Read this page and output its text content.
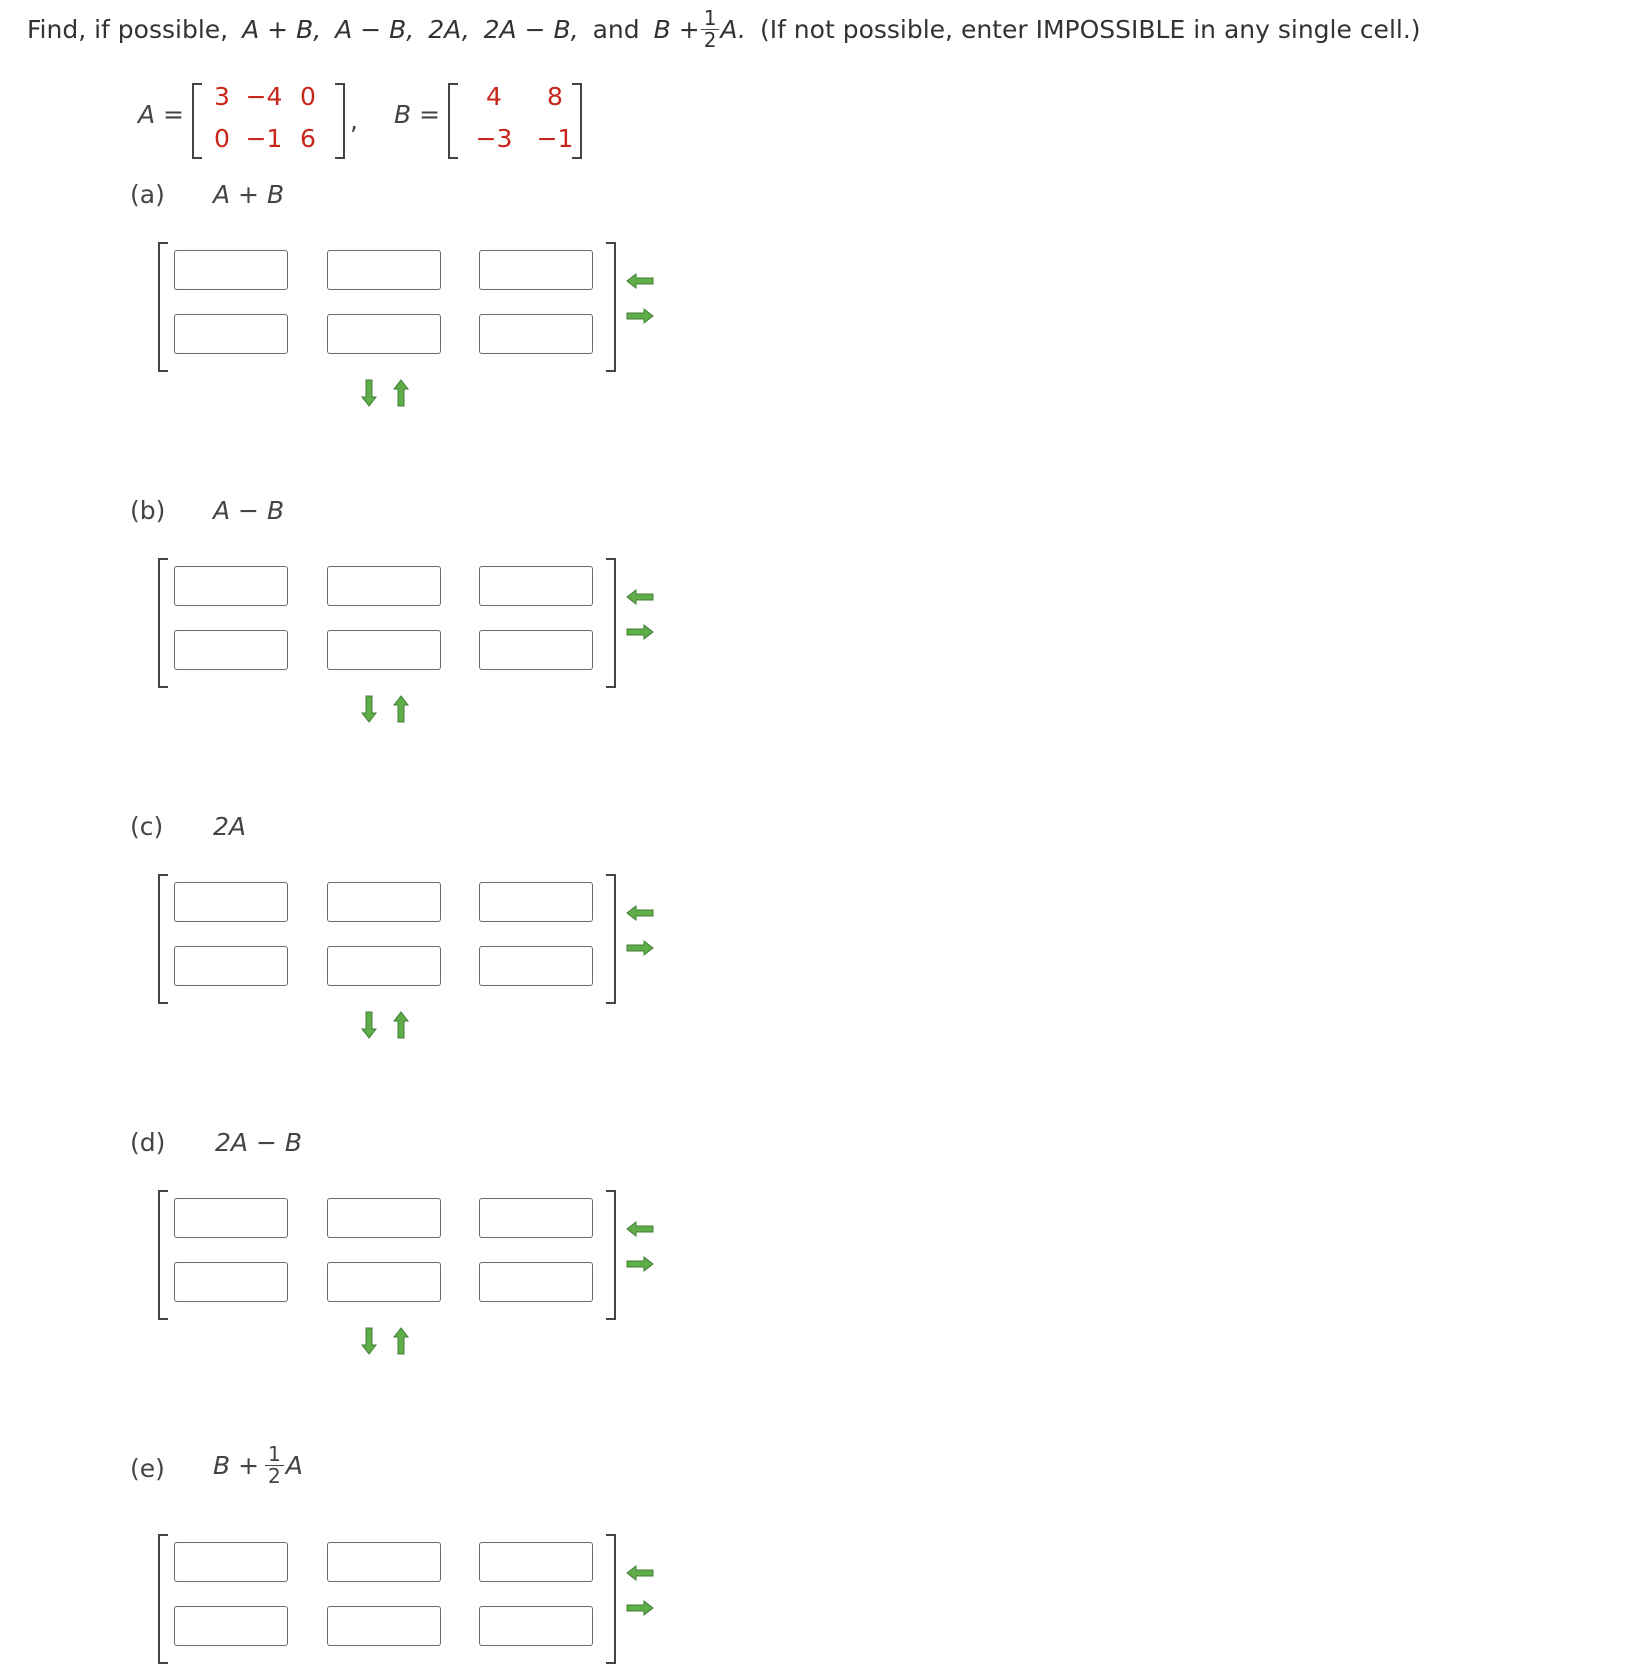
Find, if possible, A + B, A − B, 2A, 2A − B, and $B + \frac{1}{2} A$. (If not possible, enter IMPOSSIBLE in any single cell.)
A =
3 −4 0
0 −1 6
, B =
4	8
−3 −1
(a) A + B
(b) A − B
(c) 2A
(d) 2A − B
(e) $B + \frac{1}{2}$ A
